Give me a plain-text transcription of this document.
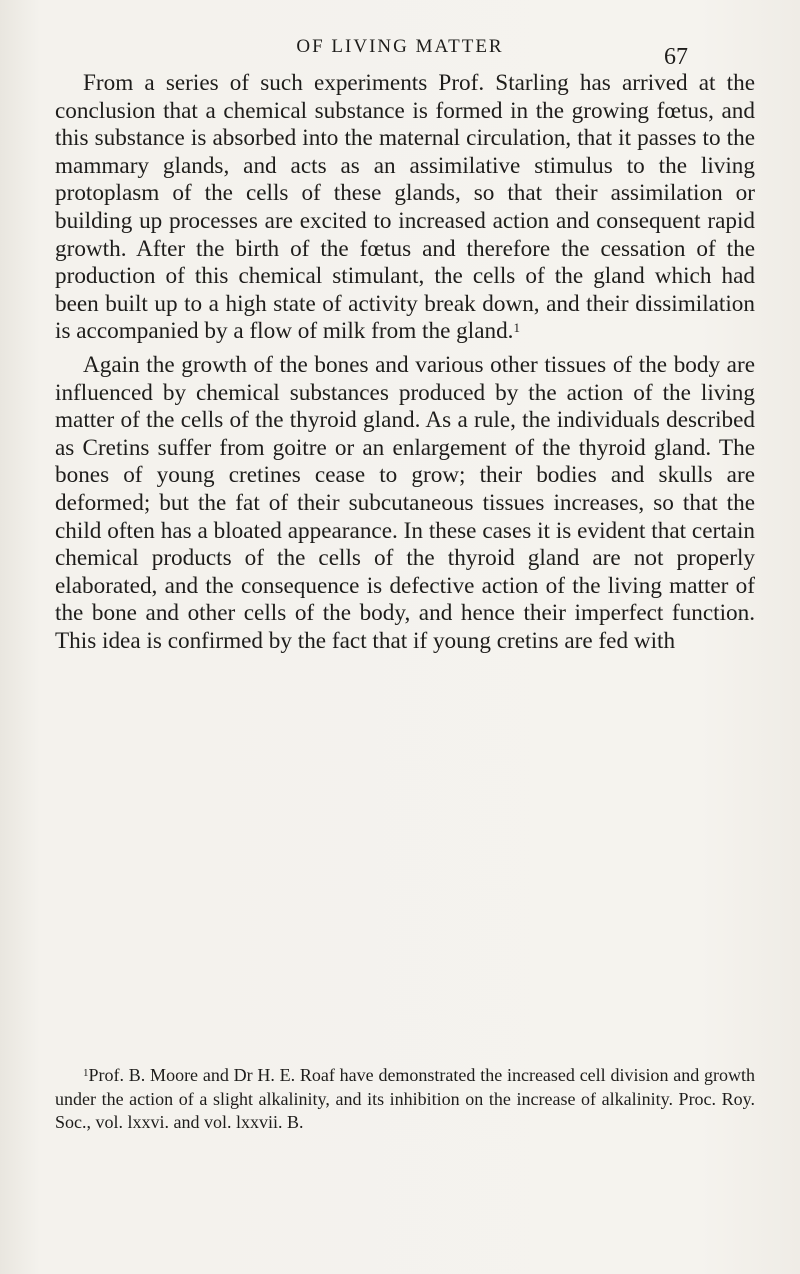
OF LIVING MATTER	67

From a series of such experiments Prof. Starling has arrived at the conclusion that a chemical substance is formed in the growing fœtus, and this substance is absorbed into the maternal circulation, that it passes to the mammary glands, and acts as an assimilative stimulus to the living protoplasm of the cells of these glands, so that their assimilation or building up processes are excited to increased action and consequent rapid growth. After the birth of the fœtus and therefore the cessation of the production of this chemical stimulant, the cells of the gland which had been built up to a high state of activity break down, and their dissimilation is accompanied by a flow of milk from the gland.$^1$

Again the growth of the bones and various other tissues of the body are influenced by chemical substances produced by the action of the living matter of the cells of the thyroid gland. As a rule, the individuals described as Cretins suffer from goitre or an enlargement of the thyroid gland. The bones of young cretines cease to grow; their bodies and skulls are deformed; but the fat of their subcutaneous tissues increases, so that the child often has a bloated appearance. In these cases it is evident that certain chemical products of the cells of the thyroid gland are not properly elaborated, and the consequence is defective action of the living matter of the bone and other cells of the body, and hence their imperfect function. This idea is confirmed by the fact that if young cretins are fed with

$^1$Prof. B. Moore and Dr H. E. Roaf have demonstrated the increased cell division and growth under the action of a slight alkalinity, and its inhibition on the increase of alkalinity. Proc. Roy. Soc., vol. lxxvi. and vol. lxxvii. B.
